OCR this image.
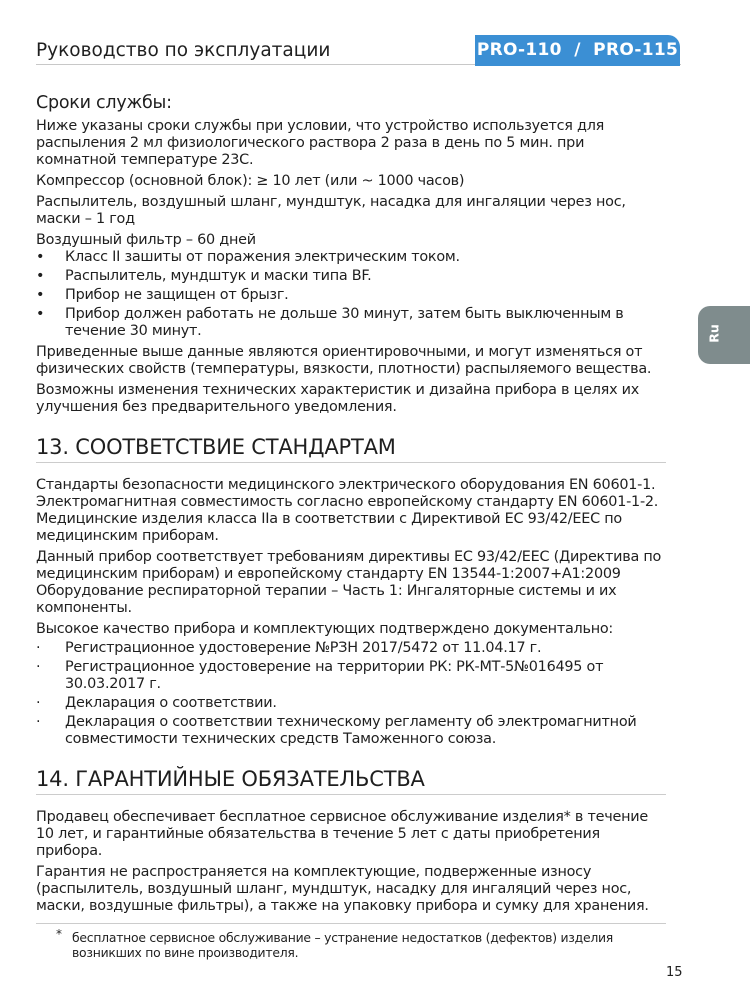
Руководство по эксплуатации	PRO-110  /  PRO-115
Ru
Сроки службы:

Ниже указаны сроки службы при условии, что устройство используется для распыления 2 мл физиологического раствора 2 раза в день по 5 мин. при комнатной температуре 23С.

Компрессор (основной блок): ≥ 10 лет (или ~ 1000 часов)

Распылитель, воздушный шланг, мундштук, насадка для ингаляции через нос, маски – 1 год

Воздушный фильтр – 60 дней

• Класс II зашиты от поражения электрическим током.
• Распылитель, мундштук и маски типа BF.
• Прибор не защищен от брызг.
• Прибор должен работать не дольше 30 минут, затем быть выключенным в течение 30 минут.

Приведенные выше данные являются ориентировочными, и могут изменяться от физических свойств (температуры, вязкости, плотности) распыляемого вещества.

Возможны изменения технических характеристик и дизайна прибора в целях их улучшения без предварительного уведомления.

13. СООТВЕТСТВИЕ СТАНДАРТАМ

Стандарты безопасности медицинского электрического оборудования EN 60601-1. Электромагнитная совместимость согласно европейскому стандарту EN 60601-1-2. Медицинские изделия класса IIa в соответствии с Директивой EC 93/42/EEC по медицинским приборам.

Данный прибор соответствует требованиям директивы EC 93/42/EEC (Директива по медицинским приборам) и европейскому стандарту EN 13544-1:2007+A1:2009 Оборудование респираторной терапии – Часть 1: Ингаляторные системы и их компоненты.

Высокое качество прибора и комплектующих подтверждено документально:

· Регистрационное удостоверение №РЗН 2017/5472 от 11.04.17 г.
· Регистрационное удостоверение на территории РК: РК-МТ-5№016495 от 30.03.2017 г.
· Декларация о соответствии.
· Декларация о соответствии техническому регламенту об электромагнитной совместимости технических средств Таможенного союза.
14. ГАРАНТИЙНЫЕ ОБЯЗАТЕЛЬСТВА

Продавец обеспечивает бесплатное сервисное обслуживание изделия* в течение 10 лет, и гарантийные обязательства в течение 5 лет с даты приобретения прибора.

Гарантия не распространяется на комплектующие, подверженные износу (распылитель, воздушный шланг, мундштук, насадку для ингаляций через нос, маски, воздушные фильтры), а также на упаковку прибора и сумку для хранения.

* бесплатное сервисное обслуживание – устранение недостатков (дефектов) изделия возникших по вине производителя.
15
